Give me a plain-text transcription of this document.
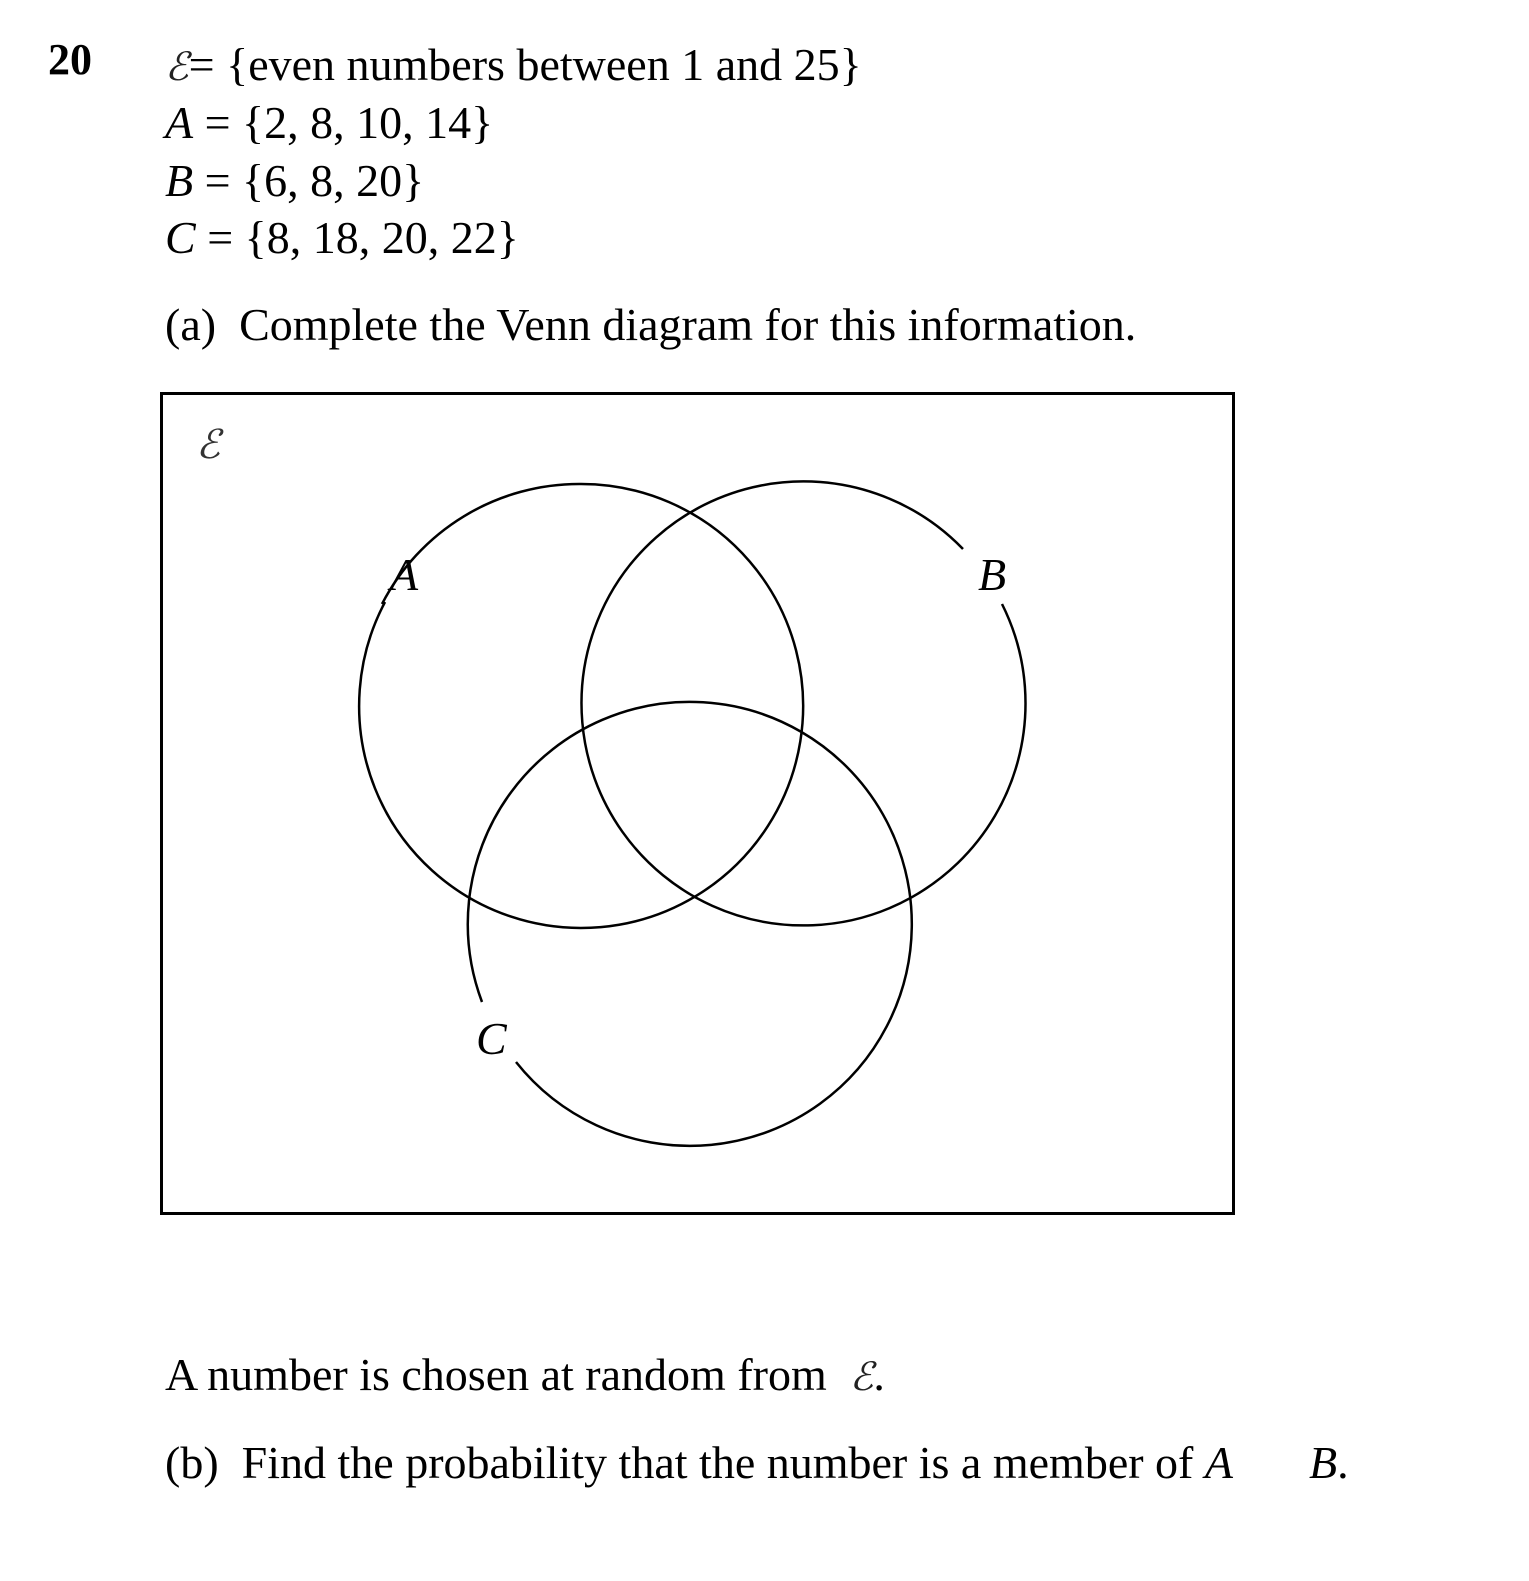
20 ℰ= {even numbers between 1 and 25}
A = {2, 8, 10, 14}
B = {6, 8, 20}
C = {8, 18, 20, 22}
(a) Complete the Venn diagram for this information.
ℰ
A	B
C
A number is chosen at random from ℰ.
(b) Find the probability that the number is a member of A B.
